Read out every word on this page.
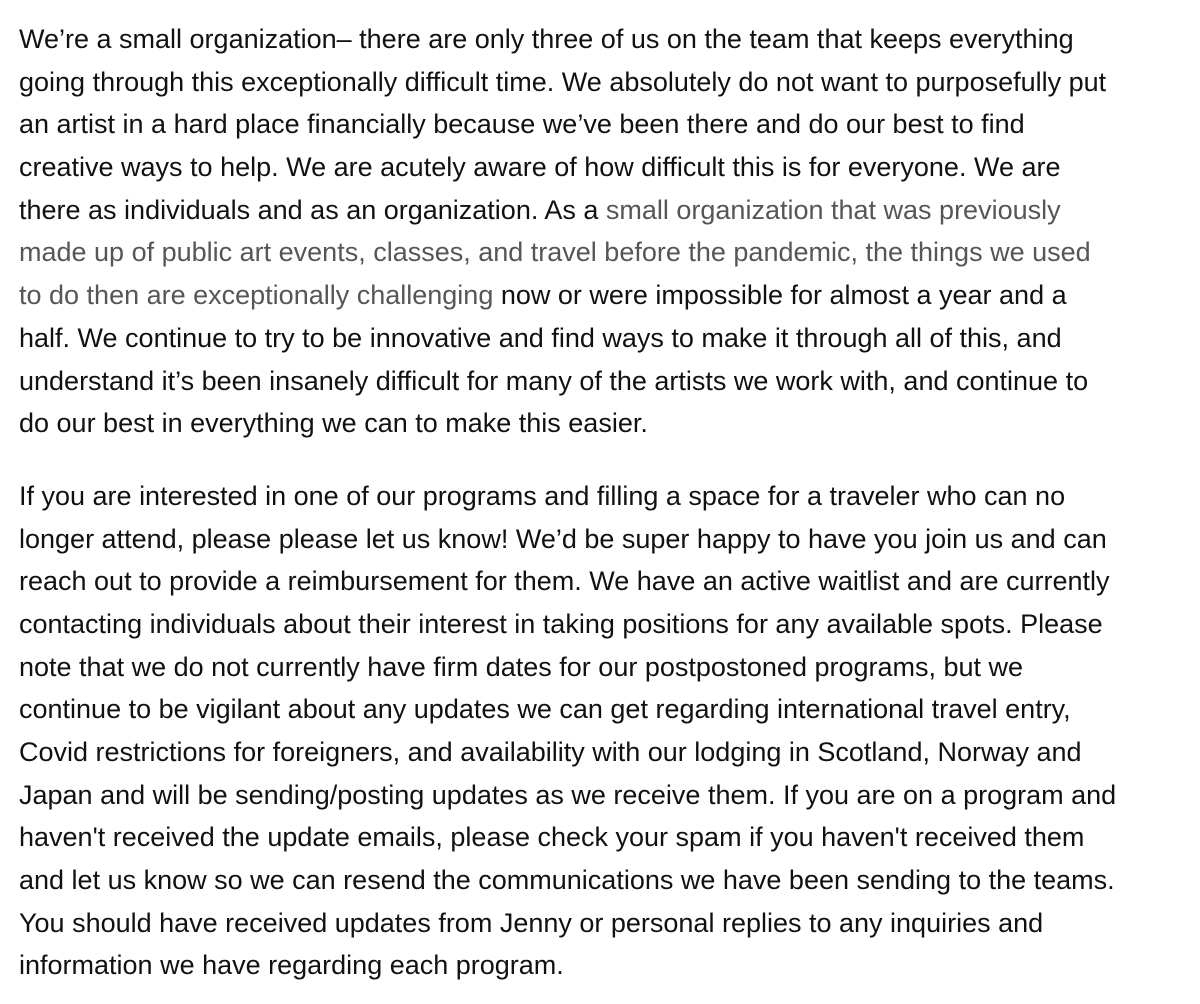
We’re a small organization– there are only three of us on the team that keeps everything
going through this exceptionally difficult time. We absolutely do not want to purposefully put
an artist in a hard place financially because we’ve been there and do our best to find
creative ways to help. We are acutely aware of how difficult this is for everyone. We are
there as individuals and as an organization. As a small organization that was previously
made up of public art events, classes, and travel before the pandemic, the things we used
to do then are exceptionally challenging now or were impossible for almost a year and a
half. We continue to try to be innovative and find ways to make it through all of this, and
understand it’s been insanely difficult for many of the artists we work with, and continue to
do our best in everything we can to make this easier.

If you are interested in one of our programs and filling a space for a traveler who can no
longer attend, please please let us know! We’d be super happy to have you join us and can
reach out to provide a reimbursement for them. We have an active waitlist and are currently
contacting individuals about their interest in taking positions for any available spots. Please
note that we do not currently have firm dates for our postpostoned programs, but we
continue to be vigilant about any updates we can get regarding international travel entry,
Covid restrictions for foreigners, and availability with our lodging in Scotland, Norway and
Japan and will be sending/posting updates as we receive them. If you are on a program and
haven't received the update emails, please check your spam if you haven't received them
and let us know so we can resend the communications we have been sending to the teams.
You should have received updates from Jenny or personal replies to any inquiries and
information we have regarding each program.
